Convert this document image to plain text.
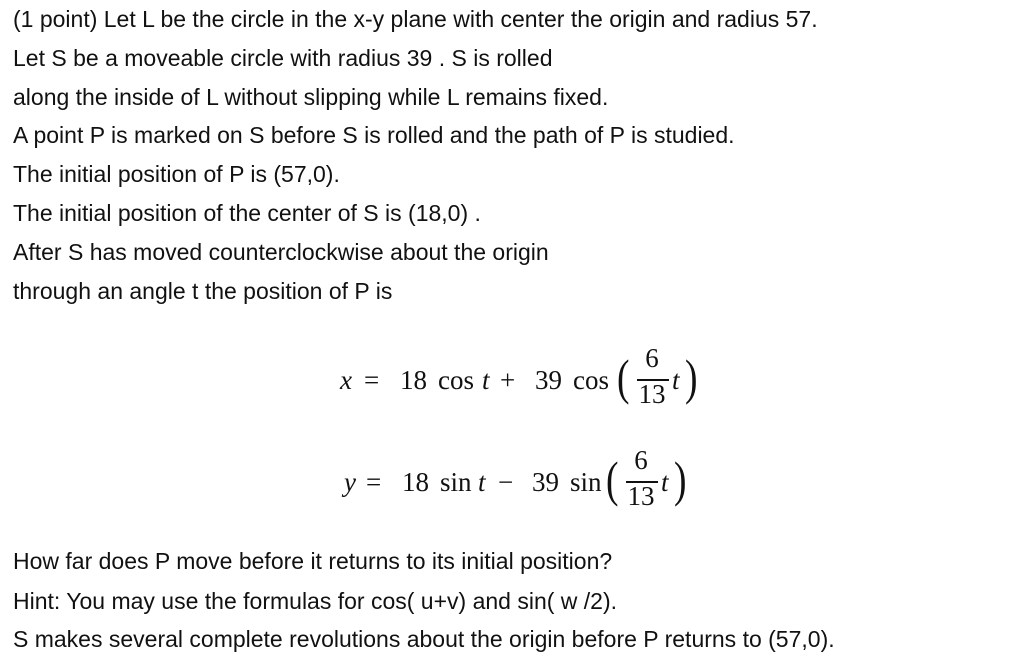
(1 point) Let L be the circle in the x-y plane with center the origin and radius 57.

Let S be a moveable circle with radius 39 . S is rolled

along the inside of L without slipping while L remains fixed.

A point P is marked on S before S is rolled and the path of P is studied.

The initial position of P is (57,0).

The initial position of the center of S is (18,0) .

After S has moved counterclockwise about the origin

through an angle t the position of P is

x = 18 cos t + 39 cos ( 6
13 t )
y = 18 sin t − 39 sin ( 6
13 t )

How far does P move before it returns to its initial position?

Hint: You may use the formulas for cos( u+v) and sin( w /2).

S makes several complete revolutions about the origin before P returns to (57,0).
